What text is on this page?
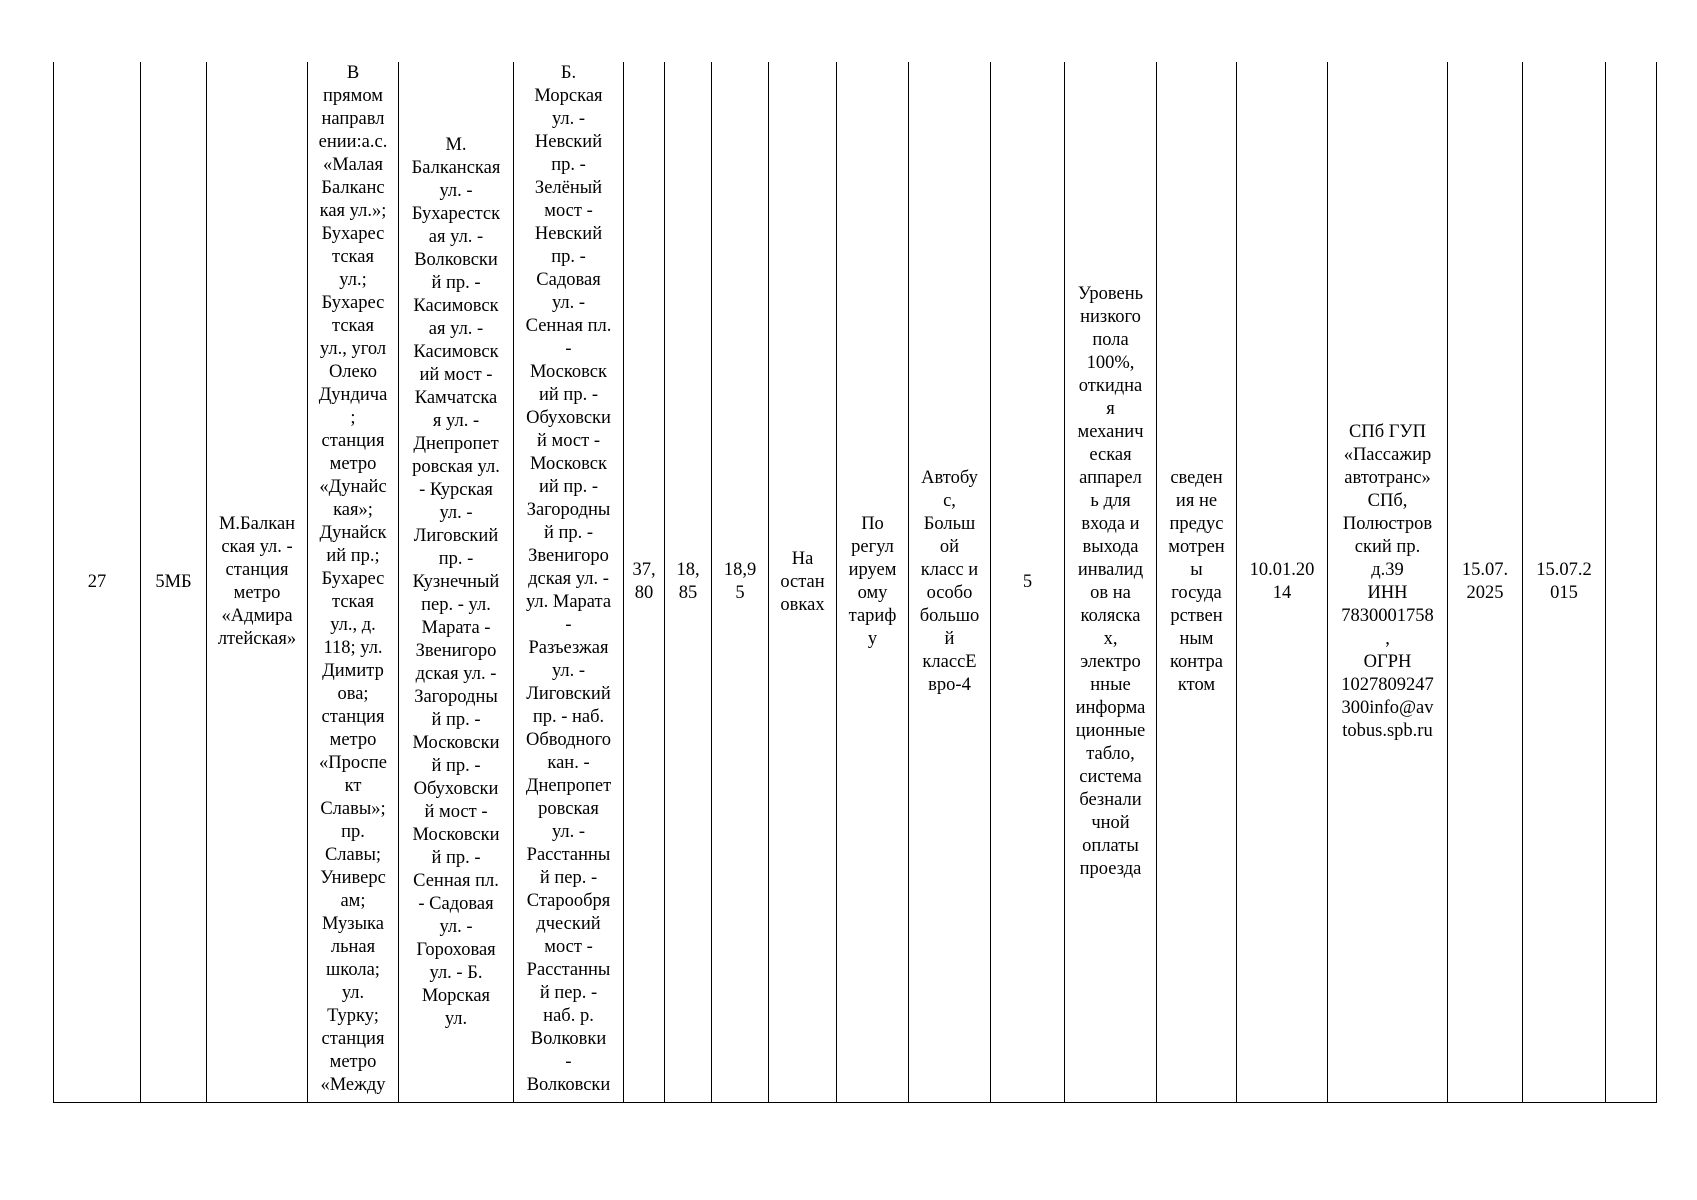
27	5МБ	М.Балкан
ская ул. -
станция
метро
«Адмира
лтейская»	
В
прямом
направл
ении:а.с.
«Малая
Балканс
кая ул.»;
Бухарес
тская
ул.;
Бухарес
тская
ул., угол
Олеко
Дундича
;
станция
метро
«Дунайс
кая»;
Дунайск
ий пр.;
Бухарес
тская
ул., д.
118; ул.
Димитр
ова;
станция
метро
«Проспе
кт
Славы»;
пр.
Славы;
Универс
ам;
Музыка
льная
школа;
ул.
Турку;
станция
метро
«Между
	М.
Балканская
ул. -
Бухарестск
ая ул. -
Волковски
й пр. -
Касимовск
ая ул. -
Касимовск
ий мост -
Камчатска
я ул. -
Днепропет
ровская ул.
- Курская
ул. -
Лиговский
пр. -
Кузнечный
пер. - ул.
Марата -
Звенигоро
дская ул. -
Загородны
й пр. -
Московски
й пр. -
Обуховски
й мост -
Московски
й пр. -
Сенная пл.
- Садовая
ул. -
Гороховая
ул. - Б.
Морская
ул.	
Б.
Морская
ул. -
Невский
пр. -
Зелёный
мост -
Невский
пр. -
Садовая
ул. -
Сенная пл.
-
Московск
ий пр. -
Обуховски
й мост -
Московск
ий пр. -
Загородны
й пр. -
Звенигоро
дская ул. -
ул. Марата
-
Разъезжая
ул. -
Лиговский
пр. - наб.
Обводного
кан. -
Днепропет
ровская
ул. -
Расстанны
й пер. -
Старообря
дческий
мост -
Расстанны
й пер. -
наб. р.
Волковки
-
Волковски
	37,
80	18,
85	18,9
5	На
остан
овках	По
регул
ируем
ому
тариф
у	Автобу
с,
Больш
ой
класс и
особо
большо
й
классЕ
вро-4	5	Уровень
низкого
пола
100%,
откидна
я
механич
еская
аппарел
ь для
входа и
выхода
инвалид
ов на
коляска
х,
электро
нные
информа
ционные
табло,
система
безнали
чной
оплаты
проезда	сведен
ия не
предус
мотрен
ы
госуда
рствен
ным
контра
ктом	10.01.20
14	СПб ГУП
«Пассажир
автотранс»
СПб,
Полюстров
ский пр.
д.39
ИНН
7830001758
,
ОГРН
1027809247
300info@av
tobus.spb.ru	15.07.
2025	15.07.2
015	
